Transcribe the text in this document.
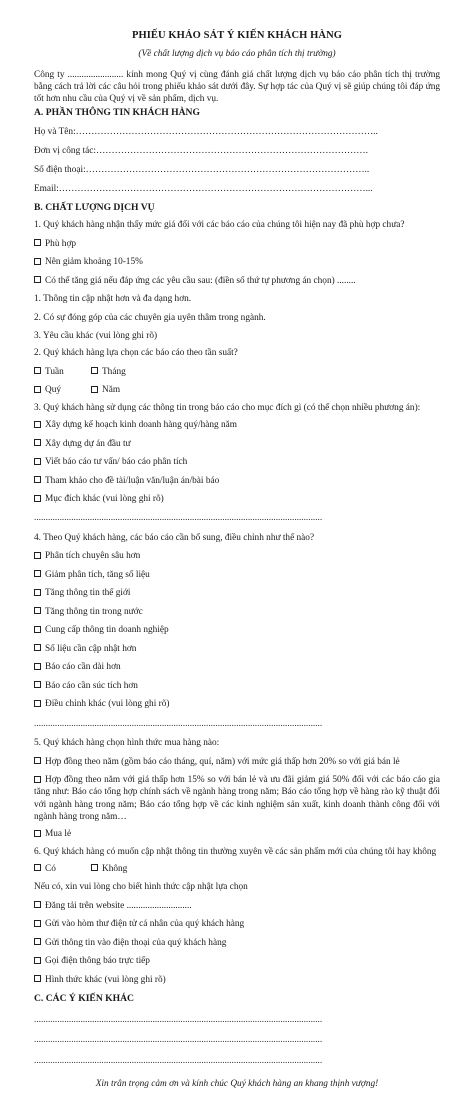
PHIẾU KHẢO SÁT Ý KIẾN KHÁCH HÀNG
(Về chất lượng dịch vụ báo cáo phân tích thị trường)
Công ty ........................ kính mong Quý vị cùng đánh giá chất lượng dịch vụ báo cáo phân tích thị trường bằng cách trả lời các câu hỏi trong phiếu khảo sát dưới đây. Sự hợp tác của Quý vị sẽ giúp chúng tôi đáp ứng tốt hơn nhu cầu của Quý vị về sản phẩm, dịch vụ.
A. PHẦN THÔNG TIN KHÁCH HÀNG
Họ và Tên:……………………………………………………………………………………..
Đơn vị công tác:…………………………………………………………………………….
Số điện thoại:………………………………………………………………………………..
Email:………………………………………………………………………………………...
B. CHẤT LƯỢNG DỊCH VỤ
1. Quý khách hàng nhận thấy mức giá đối với các báo cáo của chúng tôi hiện nay đã phù hợp chưa?
Phù hợp
Nên giảm khoảng 10-15%
Có thể tăng giá nếu đáp ứng các yêu cầu sau: (điền số thứ tự phương án chọn) ........
1. Thông tin cập nhật hơn và đa dạng hơn.
2. Có sự đóng góp của các chuyên gia uyên thâm trong ngành.
3. Yêu cầu khác (vui lòng ghi rõ)
2. Quý khách hàng lựa chọn các báo cáo theo tần suất?
Tuần	Tháng
Quý	Năm
3. Quý khách hàng sử dụng các thông tin trong báo cáo cho mục đích gì (có thể chọn nhiều phương án):
Xây dựng kế hoạch kinh doanh hàng quý/hàng năm
Xây dựng dự án đầu tư
Viết báo cáo tư vấn/ báo cáo phân tích
Tham khảo cho đề tài/luận văn/luận án/bài báo
Mục đích khác (vui lòng ghi rõ)
............................................................................................................................
4. Theo Quý khách hàng, các báo cáo cần bổ sung, điều chỉnh như thế nào?
Phân tích chuyên sâu hơn
Giảm phân tích, tăng số liệu
Tăng thông tin thế giới
Tăng thông tin trong nước
Cung cấp thông tin doanh nghiệp
Số liệu cần cập nhật hơn
Báo cáo cần dài hơn
Báo cáo cần súc tích hơn
Điều chỉnh khác (vui lòng ghi rõ)
............................................................................................................................
5. Quý khách hàng chọn hình thức mua hàng nào:
Hợp đồng theo năm (gồm báo cáo tháng, quí, năm) với mức giá thấp hơn 20% so với giá bán lẻ
Hợp đồng theo năm với giá thấp hơn 15% so với bán lẻ và ưu đãi giảm giá 50% đối với các báo cáo gia tăng như: Báo cáo tổng hợp chính sách về ngành hàng trong năm; Báo cáo tổng hợp về hàng rào kỹ thuật đối với ngành hàng trong năm; Báo cáo tổng hợp về các kinh nghiệm sản xuất, kinh doanh thành công đối với ngành hàng trong năm…
Mua lẻ
6. Quý khách hàng có muốn cập nhật thông tin thường xuyên về các sản phẩm mới của chúng tôi hay không
Có	Không
Nếu có, xin vui lòng cho biết hình thức cập nhật lựa chọn
Đăng tải trên website ............................
Gửi vào hòm thư điện tử cá nhân của quý khách hàng
Gửi thông tin vào điện thoại của quý khách hàng
Gọi điện thông báo trực tiếp
Hình thức khác (vui lòng ghi rõ)
C. CÁC Ý KIẾN KHÁC
............................................................................................................................
............................................................................................................................
............................................................................................................................
Xin trân trọng cảm ơn và kính chúc Quý khách hàng an khang thịnh vượng!
